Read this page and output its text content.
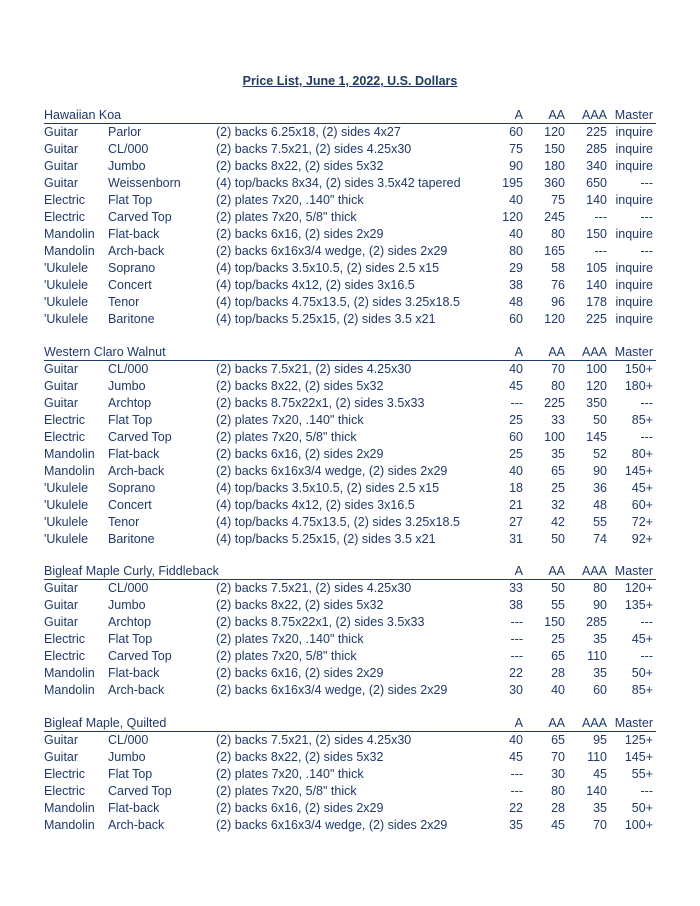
Price List, June 1, 2022, U.S. Dollars
Hawaiian Koa	A AA AAA Master
Guitar Parlor	(2) backs 6.25x18, (2) sides 4x27	60 120 225 inquire
Guitar CL/000	(2) backs 7.5x21, (2) sides 4.25x30	75 150 285 inquire
Guitar Jumbo	(2) backs 8x22, (2) sides 5x32	90 180 340 inquire
Guitar Weissenborn	(4) top/backs 8x34, (2) sides 3.5x42 tapered	195 360 650	---
Electric Flat Top	(2) plates 7x20, .140" thick	40 75 140 inquire
Electric Carved Top	(2) plates 7x20, 5/8" thick	120 245 ---	---
Mandolin Flat-back	(2) backs 6x16, (2) sides 2x29	40 80 150 inquire
Mandolin Arch-back	(2) backs 6x16x3/4 wedge, (2) sides 2x29	80 165 ---	---
'Ukulele Soprano	(4) top/backs 3.5x10.5, (2) sides 2.5 x15	29 58 105 inquire
'Ukulele Concert	(4) top/backs 4x12, (2) sides 3x16.5	38 76 140 inquire
'Ukulele Tenor	(4) top/backs 4.75x13.5, (2) sides 3.25x18.5	48 96 178 inquire
'Ukulele Baritone	(4) top/backs 5.25x15, (2) sides 3.5 x21	60 120 225 inquire
Western Claro Walnut	A AA AAA Master
Guitar CL/000	(2) backs 7.5x21, (2) sides 4.25x30	40 70 100 150+
Guitar Jumbo	(2) backs 8x22, (2) sides 5x32	45 80 120 180+
Guitar Archtop	(2) backs 8.75x22x1, (2) sides 3.5x33	--- 225 350	---
Electric Flat Top	(2) plates 7x20, .140" thick	25 33 50 85+
Electric Carved Top	(2) plates 7x20, 5/8" thick	60 100 145	---
Mandolin Flat-back	(2) backs 6x16, (2) sides 2x29	25 35 52 80+
Mandolin Arch-back	(2) backs 6x16x3/4 wedge, (2) sides 2x29	40 65 90 145+
'Ukulele Soprano	(4) top/backs 3.5x10.5, (2) sides 2.5 x15	18 25 36 45+
'Ukulele Concert	(4) top/backs 4x12, (2) sides 3x16.5	21 32 48 60+
'Ukulele Tenor	(4) top/backs 4.75x13.5, (2) sides 3.25x18.5	27 42 55 72+
'Ukulele Baritone	(4) top/backs 5.25x15, (2) sides 3.5 x21	31 50 74 92+
Bigleaf Maple Curly, Fiddleback	A AA AAA Master
Guitar CL/000	(2) backs 7.5x21, (2) sides 4.25x30	33 50 80 120+
Guitar Jumbo	(2) backs 8x22, (2) sides 5x32	38 55 90 135+
Guitar Archtop	(2) backs 8.75x22x1, (2) sides 3.5x33	--- 150 285	---
Electric Flat Top	(2) plates 7x20, .140" thick	--- 25 35 45+
Electric Carved Top	(2) plates 7x20, 5/8" thick	--- 65 110	---
Mandolin Flat-back	(2) backs 6x16, (2) sides 2x29	22 28 35 50+
Mandolin Arch-back	(2) backs 6x16x3/4 wedge, (2) sides 2x29	30 40 60 85+
Bigleaf Maple, Quilted	A AA AAA Master
Guitar CL/000	(2) backs 7.5x21, (2) sides 4.25x30	40 65 95 125+
Guitar Jumbo	(2) backs 8x22, (2) sides 5x32	45 70 110 145+
Electric Flat Top	(2) plates 7x20, .140" thick	--- 30 45 55+
Electric Carved Top	(2) plates 7x20, 5/8" thick	--- 80 140	---
Mandolin Flat-back	(2) backs 6x16, (2) sides 2x29	22 28 35 50+
Mandolin Arch-back	(2) backs 6x16x3/4 wedge, (2) sides 2x29	35 45 70 100+
